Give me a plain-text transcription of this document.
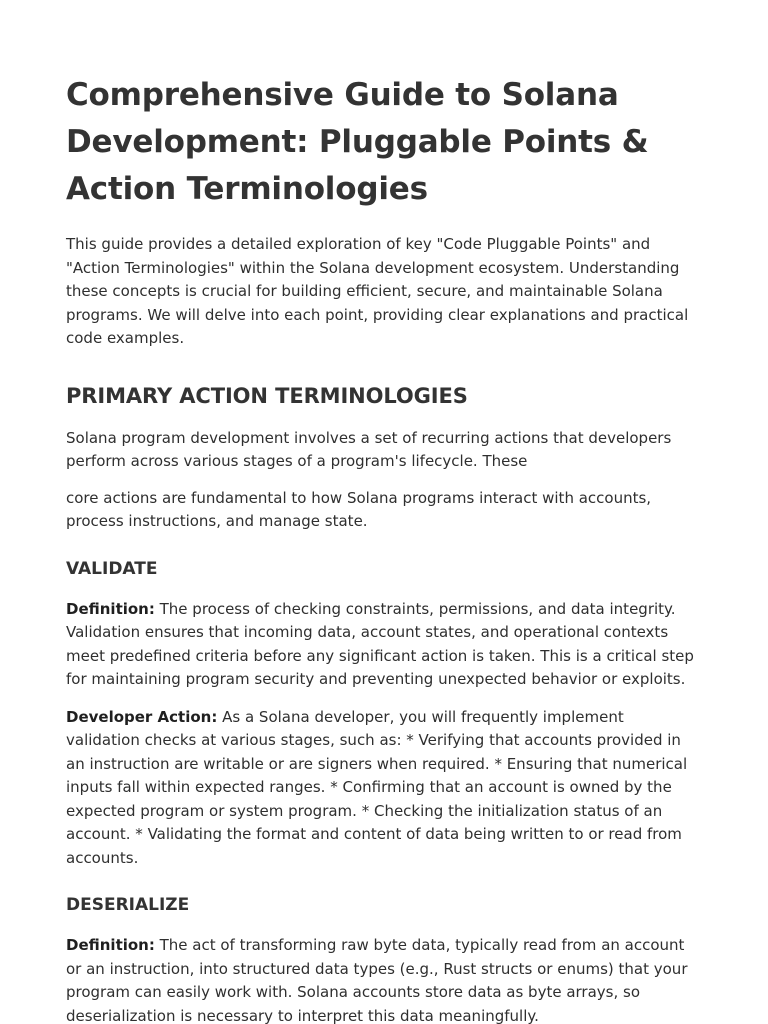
Comprehensive Guide to Solana Development: Pluggable Points & Action Terminologies

This guide provides a detailed exploration of key "Code Pluggable Points" and "Action Terminologies" within the Solana development ecosystem. Understanding these concepts is crucial for building efficient, secure, and maintainable Solana programs. We will delve into each point, providing clear explanations and practical code examples.

PRIMARY ACTION TERMINOLOGIES

Solana program development involves a set of recurring actions that developers perform across various stages of a program's lifecycle. These

core actions are fundamental to how Solana programs interact with accounts, process instructions, and manage state.

VALIDATE

Definition: The process of checking constraints, permissions, and data integrity. Validation ensures that incoming data, account states, and operational contexts meet predefined criteria before any significant action is taken. This is a critical step for maintaining program security and preventing unexpected behavior or exploits.

Developer Action: As a Solana developer, you will frequently implement validation checks at various stages, such as: * Verifying that accounts provided in an instruction are writable or are signers when required. * Ensuring that numerical inputs fall within expected ranges. * Confirming that an account is owned by the expected program or system program. * Checking the initialization status of an account. * Validating the format and content of data being written to or read from accounts.

DESERIALIZE

Definition: The act of transforming raw byte data, typically read from an account or an instruction, into structured data types (e.g., Rust structs or enums) that your program can easily work with. Solana accounts store data as byte arrays, so deserialization is necessary to interpret this data meaningfully.
